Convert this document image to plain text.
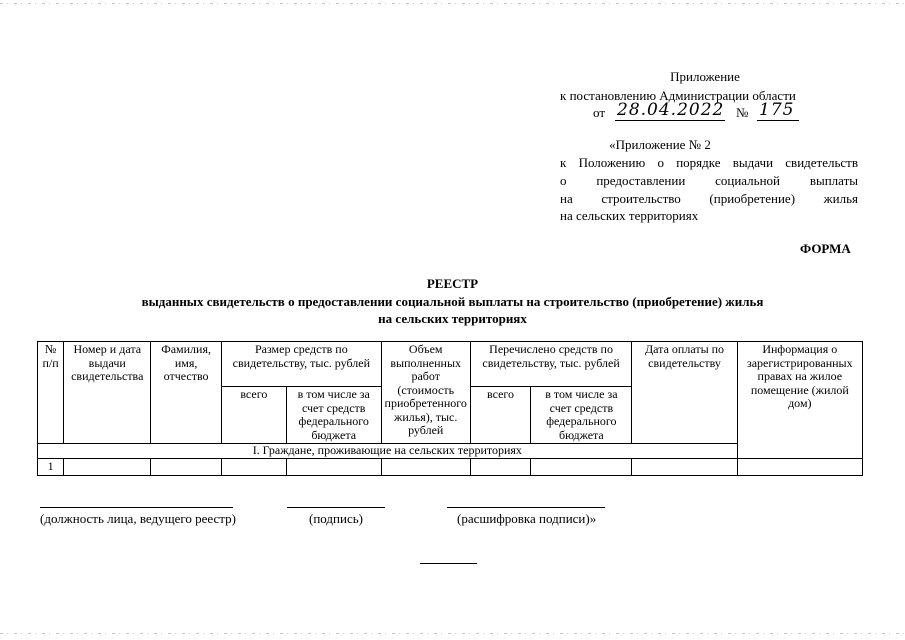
Приложение
к постановлению Администрации области
от 28.04.2022 № 175
«Приложение № 2
к Положению о порядке выдачи свидетельств
о предоставлении социальной выплаты
на строительство (приобретение) жилья
на сельских территориях
ФОРМА
РЕЕСТР
выданных свидетельств о предоставлении социальной выплаты на строительство (приобретение) жилья
на сельских территориях
№ п/п	Номер и дата выдачи свидетельства	Фамилия, имя, отчество	Размер средств по свидетельству, тыс. рублей		Объем выполненных работ (стоимость приобретенного жилья), тыс. рублей	Перечислено средств по свидетельству, тыс. рублей		Дата оплаты по свидетельству	Информация о зарегистрированных правах на жилое помещение (жилой дом)
			всего	в том числе за счет средств федерального бюджета		всего	в том числе за счет средств федерального бюджета		
I. Граждане, проживающие на сельских территориях									
1									
(должность лица, ведущего реестр)	(подпись)	(расшифровка подписи)»
